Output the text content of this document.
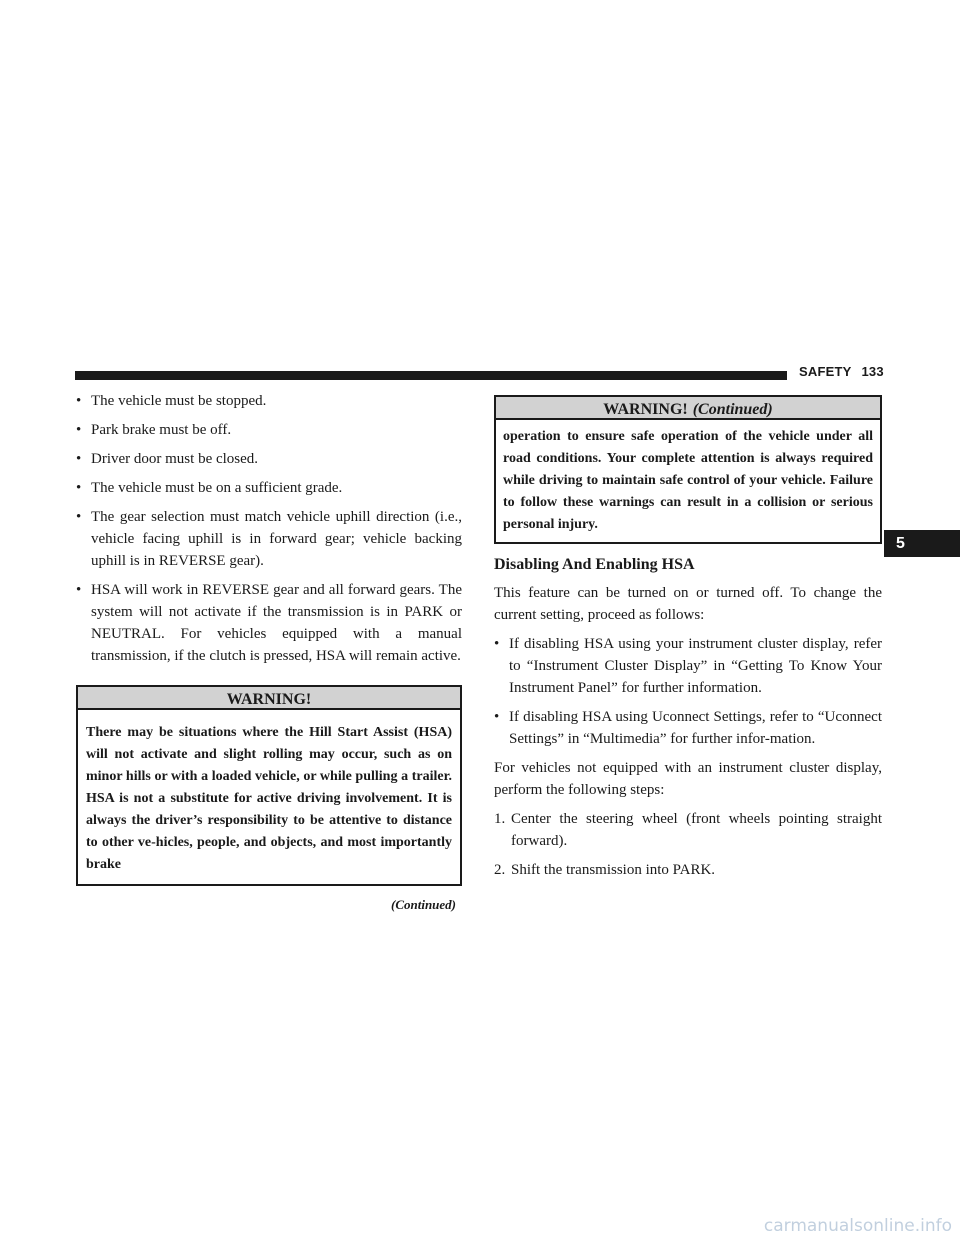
SAFETY 133
5
• The vehicle must be stopped.
• Park brake must be off.
• Driver door must be closed.
• The vehicle must be on a sufficient grade.
• The gear selection must match vehicle uphill direction (i.e., vehicle facing uphill is in forward gear; vehicle backing uphill is in REVERSE gear).
• HSA will work in REVERSE gear and all forward gears. The system will not activate if the transmission is in PARK or NEUTRAL. For vehicles equipped with a manual transmission, if the clutch is pressed, HSA will remain active.
WARNING!
There may be situations where the Hill Start Assist (HSA) will not activate and slight rolling may occur, such as on minor hills or with a loaded vehicle, or while pulling a trailer. HSA is not a substitute for active driving involvement. It is always the driver’s responsibility to be attentive to distance to other ve-hicles, people, and objects, and most importantly brake
(Continued)
WARNING! (Continued)
operation to ensure safe operation of the vehicle under all road conditions. Your complete attention is always required while driving to maintain safe control of your vehicle. Failure to follow these warnings can result in a collision or serious personal injury.
Disabling And Enabling HSA
This feature can be turned on or turned off. To change the current setting, proceed as follows:
• If disabling HSA using your instrument cluster display, refer to “Instrument Cluster Display” in “Getting To Know Your Instrument Panel” for further information.
• If disabling HSA using Uconnect Settings, refer to “Uconnect Settings” in “Multimedia” for further infor-mation.
For vehicles not equipped with an instrument cluster display, perform the following steps:
1. Center the steering wheel (front wheels pointing straight forward).
2. Shift the transmission into PARK.
carmanualsonline.info
